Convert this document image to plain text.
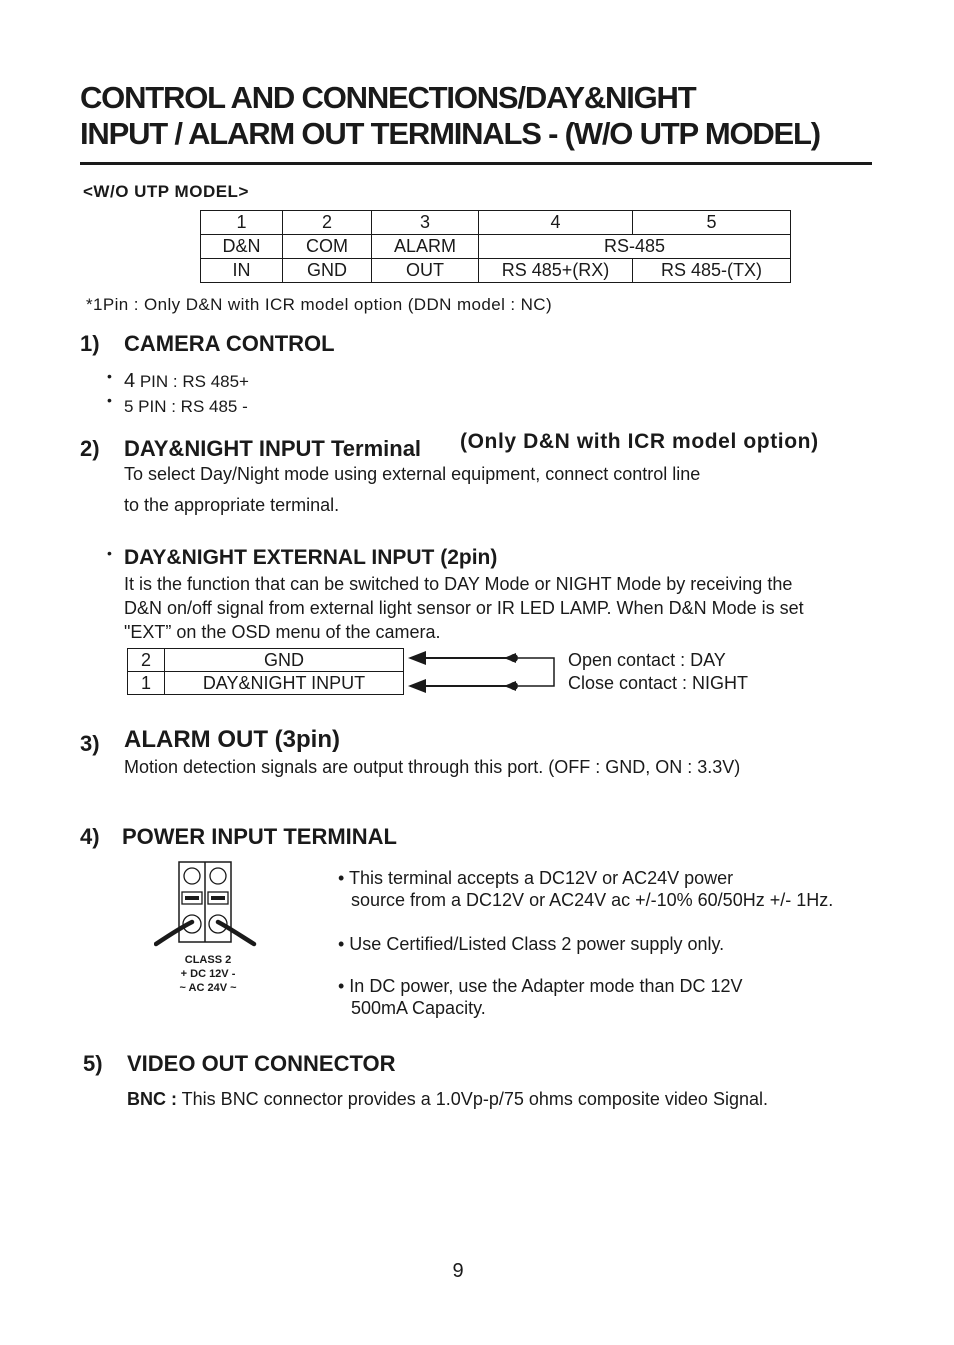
CONTROL AND CONNECTIONS/DAY&NIGHT
INPUT / ALARM OUT TERMINALS - (W/O UTP MODEL)
<W/O UTP MODEL>
1	2	3	4	5
D&N	COM	ALARM	RS-485	
IN	GND	OUT	RS 485+(RX)	RS 485-(TX)
*1Pin : Only D&N with ICR model option (DDN model : NC)
1) CAMERA CONTROL
• 4 PIN : RS 485+
• 5 PIN : RS 485 -
2) DAY&NIGHT INPUT Terminal (Only D&N with ICR model option)
To select Day/Night mode using external equipment, connect control line
to the appropriate terminal.
• DAY&NIGHT EXTERNAL INPUT (2pin)
It is the function that can be switched to DAY Mode or NIGHT Mode by receiving the
D&N on/off signal from external light sensor or IR LED LAMP. When D&N Mode is set
"EXT” on the OSD menu of the camera.
2	GND
1	DAY&NIGHT INPUT
Open contact : DAY
Close contact : NIGHT
3) ALARM OUT (3pin)
Motion detection signals are output through this port. (OFF : GND, ON : 3.3V)
4) POWER INPUT TERMINAL
CLASS 2
+ DC 12V -
~ AC 24V ~
• This terminal accepts a DC12V or AC24V power
source from a DC12V or AC24V ac +/-10% 60/50Hz +/- 1Hz.
• Use Certified/Listed Class 2 power supply only.
• In DC power, use the Adapter mode than DC 12V
500mA Capacity.
5) VIDEO OUT CONNECTOR
BNC : This BNC connector provides a 1.0Vp-p/75 ohms composite video Signal.
9
